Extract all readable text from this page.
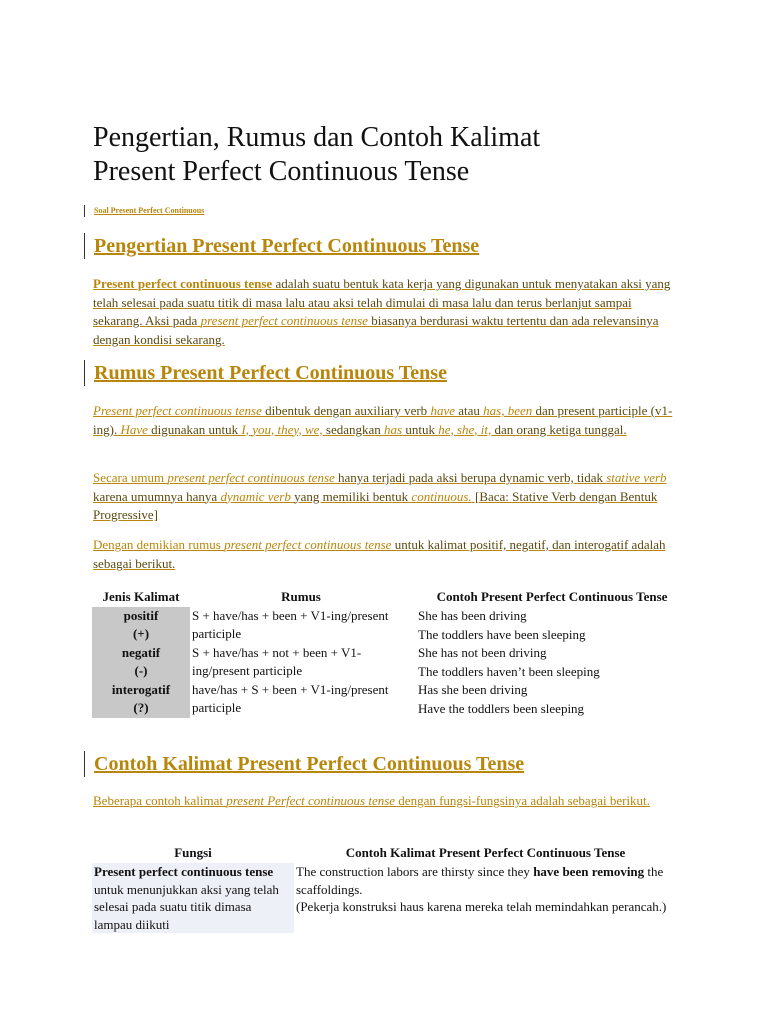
Pengertian, Rumus dan Contoh Kalimat
Present Perfect Continuous Tense
Soal Present Perfect Continuous
Pengertian Present Perfect Continuous Tense
Present perfect continuous tense adalah suatu bentuk kata kerja yang digunakan untuk menyatakan aksi yang telah selesai pada suatu titik di masa lalu atau aksi telah dimulai di masa lalu dan terus berlanjut sampai sekarang. Aksi pada present perfect continuous tense biasanya berdurasi waktu tertentu dan ada relevansinya dengan kondisi sekarang.
Rumus Present Perfect Continuous Tense
Present perfect continuous tense dibentuk dengan auxiliary verb have atau has, been dan present participle (v1-ing). Have digunakan untuk I, you, they, we, sedangkan has untuk he, she, it, dan orang ketiga tunggal.
Secara umum present perfect continuous tense hanya terjadi pada aksi berupa dynamic verb, tidak stative verb karena umumnya hanya dynamic verb yang memiliki bentuk continuous. [Baca: Stative Verb dengan Bentuk Progressive]
Dengan demikian rumus present perfect continuous tense untuk kalimat positif, negatif, dan interogatif adalah sebagai berikut.
Jenis Kalimat	Rumus	Contoh Present Perfect Continuous Tense
positif
(+)	S + have/has + been + V1-ing/present participle	She has been driving
The toddlers have been sleeping
negatif
(-)	S + have/has + not + been + V1-ing/present participle	She has not been driving
The toddlers haven’t been sleeping
interogatif
(?)	have/has + S + been + V1-ing/present participle	Has she been driving
Have the toddlers been sleeping
Contoh Kalimat Present Perfect Continuous Tense
Beberapa contoh kalimat present Perfect continuous tense dengan fungsi-fungsinya adalah sebagai berikut.
Fungsi	Contoh Kalimat Present Perfect Continuous Tense
Present perfect continuous tense untuk menunjukkan aksi yang telah selesai pada suatu titik dimasa lampau diikuti	The construction labors are thirsty since they have been removing the scaffoldings.
(Pekerja konstruksi haus karena mereka telah memindahkan perancah.)
